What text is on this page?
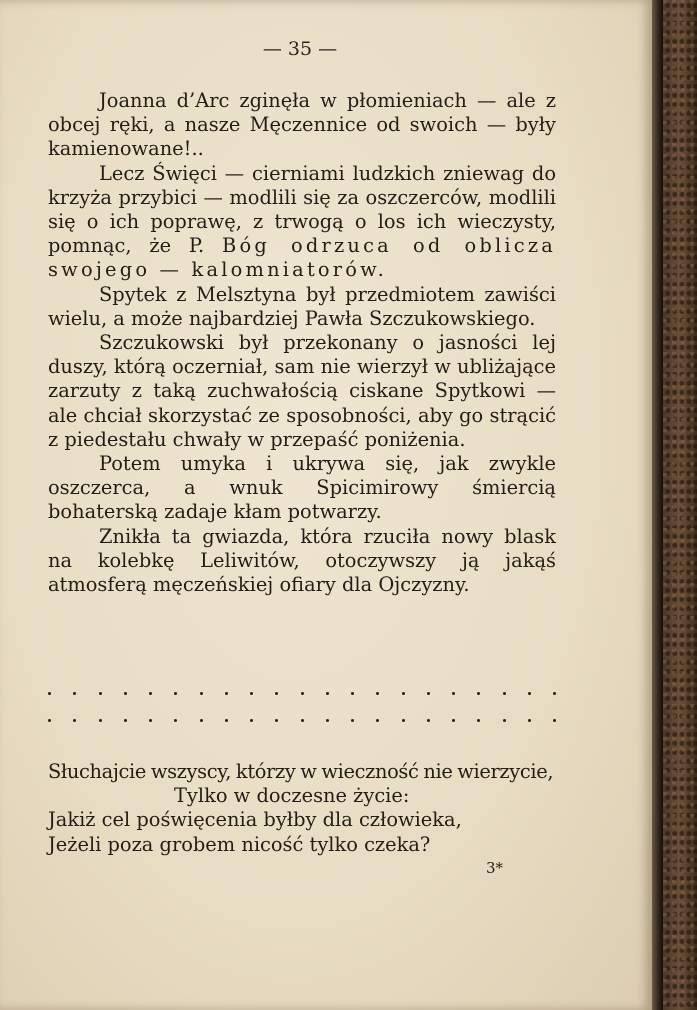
— 35 —

Joanna d’Arc zginęła w płomieniach — ale z obcej ręki, a nasze Męczennice od swoich — były kamienowane!..

Lecz Święci — cierniami ludzkich zniewag do krzyża przybici — modlili się za oszczerców, modlili się o ich poprawę, z trwogą o los ich wieczysty, pomnąc, że P. Bóg odrzuca od oblicza swojego — kalomniatorów.

Spytek z Melsztyna był przedmiotem zawiści wielu, a może najbardziej Pawła Szczukowskiego.

Szczukowski był przekonany o jasności lej duszy, którą oczerniał, sam nie wierzył w ubliżające zarzuty z taką zuchwałością ciskane Spytkowi — ale chciał skorzystać ze sposobności, aby go strącić z piedestału chwały w przepaść poniżenia.

Potem umyka i ukrywa się, jak zwykle oszczerca, a wnuk Spicimirowy śmiercią bohaterską zadaje kłam potwarzy.

Znikła ta gwiazda, która rzuciła nowy blask na kolebkę Leliwitów, otoczywszy ją jakąś atmosferą męczeńskiej ofiary dla Ojczyzny.

Słuchajcie wszyscy, którzy w wieczność nie wierzycie,
Tylko w doczesne życie:
Jakiż cel poświęcenia byłby dla człowieka,
Jeżeli poza grobem nicość tylko czeka?
3*
